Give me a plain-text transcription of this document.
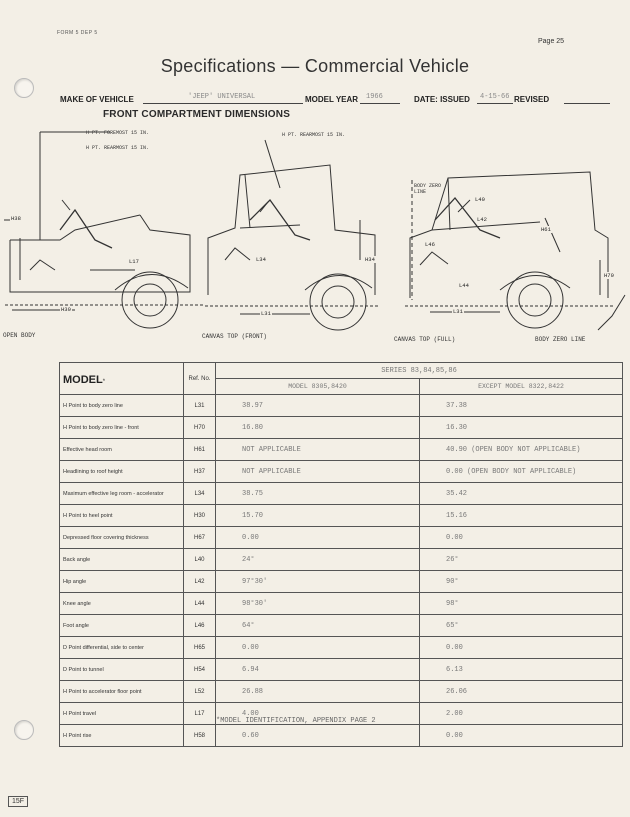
FORM 5 DEP 5
Page 25
Specifications — Commercial Vehicle
MAKE OF VEHICLE	'JEEP' UNIVERSAL	MODEL YEAR 1966	DATE: ISSUED 4-15-66 REVISED
FRONT COMPARTMENT DIMENSIONS
H PT. FOREMOST 15 IN.
H PT. REARMOST 15 IN.
H38
L17
H30
OPEN BODY
H PT. REARMOST 15 IN.
L34	H34
L31
CANVAS TOP (FRONT)
BODY ZERO LINE
L40
L42
H61
L46
L44
H70
L31
CANVAS TOP (FULL)	BODY ZERO LINE
MODEL*	Ref. No.	SERIES 83,84,85,86	
		MODEL 8305,8420	EXCEPT MODEL 8322,8422
H Point to body zero line	L31	38.97	37.38
H Point to body zero line - front	H70	16.80	16.30
Effective head room	H61	NOT APPLICABLE	40.90 (OPEN BODY NOT APPLICABLE)
Headlining to roof height	H37	NOT APPLICABLE	0.00 (OPEN BODY NOT APPLICABLE)
Maximum effective leg room - accelerator	L34	38.75	35.42
H Point to heel point	H30	15.70	15.16
Depressed floor covering thickness	H67	0.00	0.00
Back angle	L40	24°	26°
Hip angle	L42	97°30'	90°
Knee angle	L44	98°30'	98°
Foot angle	L46	64°	65°
D Point differential, side to center	H65	0.00	0.00
D Point to tunnel	H54	6.94	6.13
H Point to accelerator floor point	L52	26.88	26.06
H Point travel	L17	4.00	2.00
H Point rise	H58	0.60	0.00
*MODEL IDENTIFICATION, APPENDIX PAGE 2
15F
